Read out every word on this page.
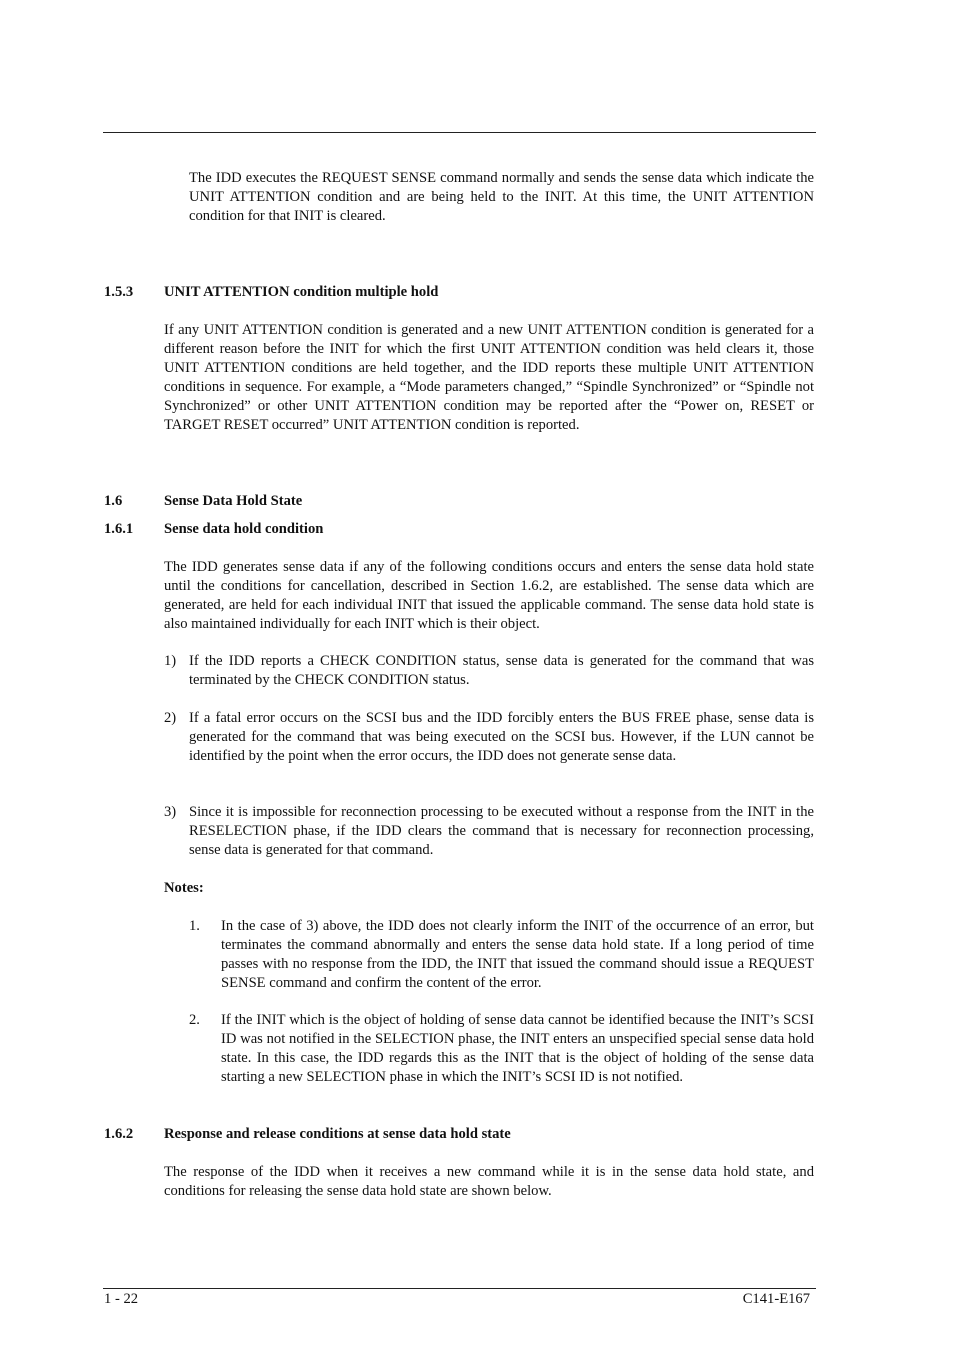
The IDD executes the REQUEST SENSE command normally and sends the sense data which indicate the UNIT ATTENTION condition and are being held to the INIT. At this time, the UNIT ATTENTION condition for that INIT is cleared.

1.5.3 UNIT ATTENTION condition multiple hold

If any UNIT ATTENTION condition is generated and a new UNIT ATTENTION condition is generated for a different reason before the INIT for which the first UNIT ATTENTION condition was held clears it, those UNIT ATTENTION conditions are held together, and the IDD reports these multiple UNIT ATTENTION conditions in sequence. For example, a “Mode parameters changed,” “Spindle Synchronized” or “Spindle not Synchronized” or other UNIT ATTENTION condition may be reported after the “Power on, RESET or TARGET RESET occurred” UNIT ATTENTION condition is reported.

1.6	Sense Data Hold State
1.6.1 Sense data hold condition

The IDD generates sense data if any of the following conditions occurs and enters the sense data hold state until the conditions for cancellation, described in Section 1.6.2, are established. The sense data which are generated, are held for each individual INIT that issued the applicable command. The sense data hold state is also maintained individually for each INIT which is their object.

1) If the IDD reports a CHECK CONDITION status, sense data is generated for the command that was terminated by the CHECK CONDITION status.
2) If a fatal error occurs on the SCSI bus and the IDD forcibly enters the BUS FREE phase, sense data is generated for the command that was being executed on the SCSI bus. However, if the LUN cannot be identified by the point when the error occurs, the IDD does not generate sense data.
3) Since it is impossible for reconnection processing to be executed without a response from the INIT in the RESELECTION phase, if the IDD clears the command that is necessary for reconnection processing, sense data is generated for that command.
Notes:
1. In the case of 3) above, the IDD does not clearly inform the INIT of the occurrence of an error, but terminates the command abnormally and enters the sense data hold state. If a long period of time passes with no response from the IDD, the INIT that issued the command should issue a REQUEST SENSE command and confirm the content of the error.
2. If the INIT which is the object of holding of sense data cannot be identified because the INIT’s SCSI ID was not notified in the SELECTION phase, the INIT enters an unspecified special sense data hold state. In this case, the IDD regards this as the INIT that is the object of holding of the sense data starting a new SELECTION phase in which the INIT’s SCSI ID is not notified.
1.6.2 Response and release conditions at sense data hold state

The response of the IDD when it receives a new command while it is in the sense data hold state, and conditions for releasing the sense data hold state are shown below.

1 - 22	C141-E167
